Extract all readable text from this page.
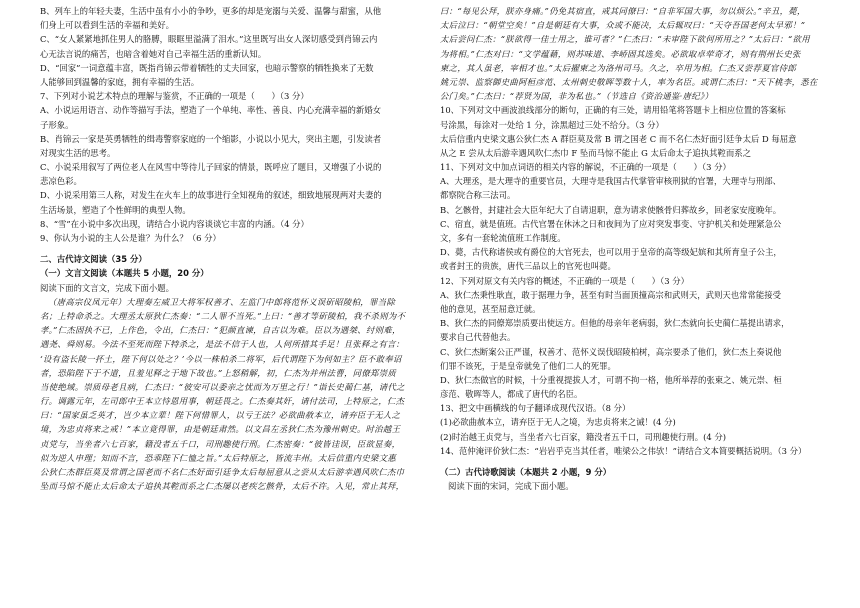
B、列车上的年轻夫妻，生活中虽有小小的争吵，更多的却是宠溺与关爱、温馨与甜蜜，从他
们身上可以看到生活的幸福和美好。
C、“女人紧紧地抓住男人的胳膊，眼眶里溢满了泪水。”这里既写出女人深切感受到肖锦云内
心无法言说的痛苦，也暗含着她对自己幸福生活的重新认知。
D、“回家”一词意蕴丰富，既指肖锦云带着牺牲的丈夫回家，也暗示警察的牺牲换来了无数
人能够回到温馨的家庭，拥有幸福的生活。
7、下列对小说艺术特点的理解与鉴赏，不正确的一项是（　　）（3 分）
A、小说运用语言、动作等描写手法，塑造了一个单纯、率性、善良、内心充满幸福的新婚女
子形象。
B、肖锦云一家是英勇牺牲的缉毒警察家庭的一个缩影，小说以小见大，突出主题，引发读者
对现实生活的思考。
C、小说采用叙写了两位老人在风雪中等待儿子回家的情景，既呼应了题目，又增强了小说的
悲凉色彩。
D、小说采用第三人称，对发生在火车上的故事进行全知视角的叙述，细致地展现两对夫妻的
生活场景，塑造了个性鲜明的典型人物。
8、“雪”在小说中多次出现，请结合小说内容谈谈它丰富的内涵。（4 分）
9、你认为小说的主人公是谁？为什么？（6 分）
二、古代诗文阅读（35 分）
（一）文言文阅读（本题共 5 小题，20 分）
阅读下面的文言文，完成下面小题。
（唐高宗仪凤元年）大理奏左威卫大将军权善才、左监门中郎将范怀义误斫昭陵柏，罪当除
名；上特命杀之。大理丞太原狄仁杰奏：“二人罪不当死。”上曰：“善才等斫陵柏，我不杀则为不
孝。”仁杰固执不已，上作色，令出，仁杰曰：“犯颜直谏，自古以为难。臣以为遇桀、纣则难，
遇尧、舜则易。今法不至死而陛下特杀之，是法不信于人也，人何所措其手足！且张释之有言：
‘设有盗长陵一抔土，陛下何以处之？’今以一株柏杀二将军，后代谓陛下为何如主？臣不敢奉诏
者，恐陷陛下于不道，且羞见释之于地下故也。”上怒稍解，初，仁杰为并州法曹，同僚郑崇质
当使绝域。崇质母老且病，仁杰曰：“彼安可以委亲之忧而为万里之行！”诣长史蔺仁基，请代之
行。调露元年，左司郎中王本立恃恩用事，朝廷畏之。仁杰奏其奸，请付法司，上特原之，仁杰
曰：“国家虽乏英才，岂少本立辈！陛下何惜罪人，以亏王法？必欲曲赦本立，请弃臣于无人之
境，为忠贞将来之戒！”本立竟得罪，由是朝廷肃然。以文昌左丞狄仁杰为豫州刺史。时治越王
贞党与，当坐者六七百家，籍没者五千口，司刑趣使行刑。仁杰密奏：“彼皆诖误，臣欲显奏，
似为逆人申理；知而不言，恐乖陛下仁恤之旨。”太后特原之，皆流丰州。太后信重内史梁文惠
公狄仁杰群臣莫及常谓之国老而不名仁杰好面引廷争太后每屈意从之尝从太后游幸遇风吹仁杰巾
坠而马惊不能止太后命太子追执其鞚而系之仁杰屡以老疾乞骸骨，太后不许。入见，常止其拜，
曰：“每见公拜，朕亦身痛。”仍免其宿直，戒其同僚曰：“自非军国大事，勿以烦公。”辛丑，薨，
太后泣曰：“朝堂空矣！”自是朝廷有大事，众或不能决，太后辄叹曰：“天夺吾国老何太早邪！”
太后尝问仁杰：“朕欲得一佳士用之，谁可者？”仁杰曰：“未审陛下欲何所用之？”太后曰：“欲用
为将相。”仁杰对曰：“文学蕴藉，则苏味道、李峤固其选矣。必欲取卓荦奇才，则有荆州长史张
柬之，其人虽老，宰相才也。”太后擢柬之为洛州司马。久之，卒用为相。仁杰又尝荐夏官侍郎
姚元崇、监察御史曲阿桓彦范、太州刺史敬晖等数十人，率为名臣。或谓仁杰曰：“天下桃李，悉在
公门矣。”仁杰曰：“荐贤为国，非为私也。”（节选自《资治通鉴·唐纪》）
10、下列对文中画波浪线部分的断句，正确的有三处，请用铅笔将答题卡上相应位置的答案标
号涂黑，每涂对一处给 1 分，涂黑超过三处不给分。（3 分）
太后信重内史梁文惠公狄仁杰 A 群臣莫及常 B 谓之国老 C 而不名仁杰好面引廷争太后 D 每屈意
从之 E 尝从太后游幸遇风吹仁杰巾 F 坠而马惊不能止 G 太后命太子追执其鞚而系之
11、下列对文中加点词语的相关内容的解说，不正确的一项是（　　）（3 分）
A、大理丞，是大理寺的重要官员，大理寺是我国古代掌管审核刑狱的官署，大理寺与刑部、
都察院合称三法司。
B、乞骸骨，封建社会大臣年纪大了自请退职，意为请求使骸骨归葬故乡，回老家安度晚年。
C、宿直，就是值班。古代官署在休沐之日和夜间为了应对突发事变、守护机关和处理紧急公
文，多有一套轮流值班工作制度。
D、薨，古代称诸侯或有爵位的大官死去，也可以用于皇帝的高等级妃嫔和其所育皇子公主，
或者封王的贵族，唐代三品以上的官死也叫薨。
12、下列对原文有关内容的概述，不正确的一项是（　　）（3 分）
A、狄仁杰秉性耿直，敢于据理力争，甚至有时当面顶撞高宗和武则天，武则天也常常能接受
他的意见，甚至屈意迁就。
B、狄仁杰的同僚郑崇质要出使远方。但他的母亲年老病弱，狄仁杰就向长史蔺仁基提出请求，
要求自己代替他去。
C、狄仁杰断案公正严谨，权善才、范怀义误伐昭陵柏树，高宗要杀了他们，狄仁杰上奏说他
们罪不该死，于是皇帝就免了他们二人的死罪。
D、狄仁杰做官的时候，十分重视提拔人才，可谓不拘一格，他所举荐的张柬之、姚元崇、桓
彦范、敬晖等人，都成了唐代的名臣。
13、把文中画横线的句子翻译成现代汉语。（8 分）
(1)必欲曲赦本立，请弃臣于无人之境，为忠贞将来之诫！(4 分)
(2)时治越王贞党与，当坐者六七百家，籍没者五千口，司刑趣使行刑。(4 分)
14、范仲淹评价狄仁杰：“岩岩乎克当其任者，唯梁公之伟欤！”请结合文本简要概括说明。（3 分）
（二）古代诗歌阅读（本题共 2 小题，9 分）
阅读下面的宋词，完成下面小题。
